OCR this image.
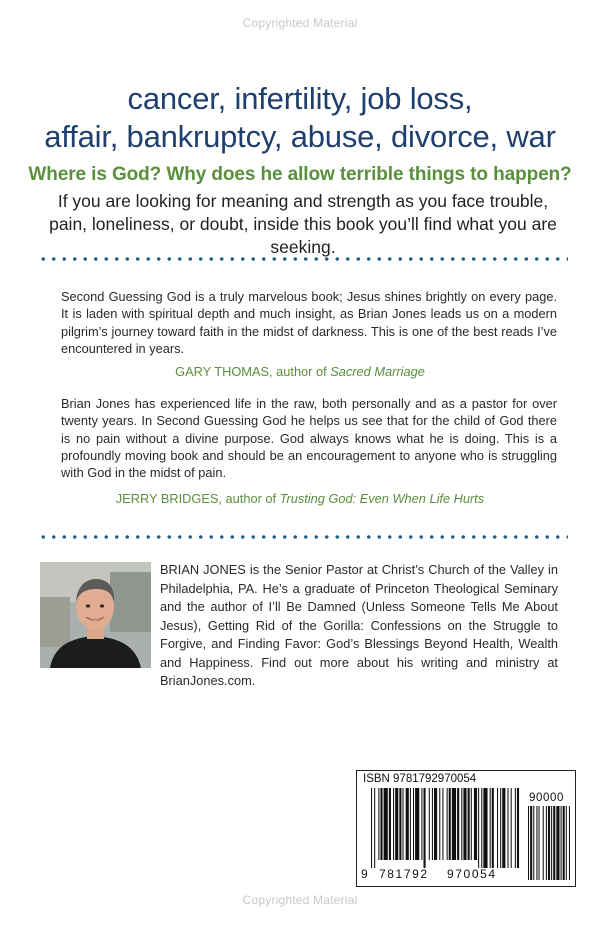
Copyrighted Material
cancer, infertility, job loss,
affair, bankruptcy, abuse, divorce, war
Where is God? Why does he allow terrible things to happen?
If you are looking for meaning and strength as you face trouble, pain, loneliness, or doubt, inside this book you’ll find what you are seeking.
Second Guessing God is a truly marvelous book; Jesus shines brightly on every page. It is laden with spiritual depth and much insight, as Brian Jones leads us on a modern pilgrim’s journey toward faith in the midst of darkness. This is one of the best reads I’ve encountered in years.
GARY THOMAS, author of Sacred Marriage
Brian Jones has experienced life in the raw, both personally and as a pastor for over twenty years. In Second Guessing God he helps us see that for the child of God there is no pain without a divine purpose. God always knows what he is doing. This is a profoundly moving book and should be an encouragement to anyone who is struggling with God in the midst of pain.
JERRY BRIDGES, author of Trusting God: Even When Life Hurts
BRIAN JONES is the Senior Pastor at Christ’s Church of the Valley in Philadelphia, PA. He’s a graduate of Princeton Theological Seminary and the author of I’ll Be Damned (Unless Someone Tells Me About Jesus), Getting Rid of the Gorilla: Confessions on the Struggle to Forgive, and Finding Favor: God’s Blessings Beyond Health, Wealth and Happiness. Find out more about his writing and ministry at BrianJones.com.
ISBN 9781792970054
90000
9 781792 970054
Copyrighted Material
